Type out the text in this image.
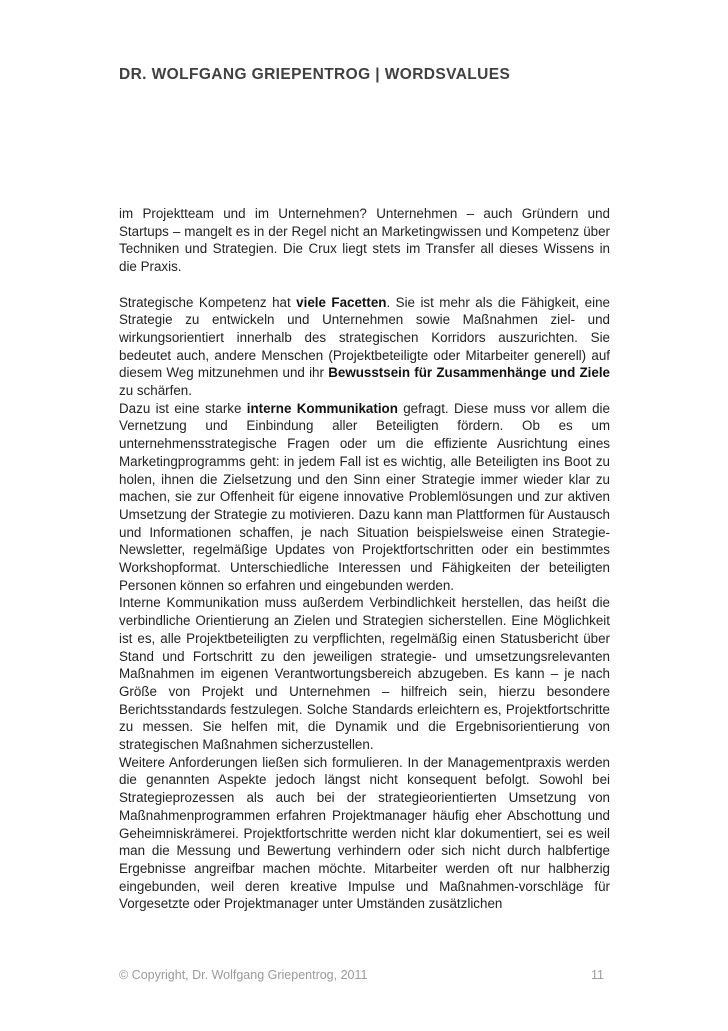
DR. WOLFGANG GRIEPENTROG | WORDSVALUES

im Projektteam und im Unternehmen? Unternehmen – auch Gründern und Startups – mangelt es in der Regel nicht an Marketingwissen und Kompetenz über Techniken und Strategien. Die Crux liegt stets im Transfer all dieses Wissens in die Praxis.

Strategische Kompetenz hat viele Facetten. Sie ist mehr als die Fähigkeit, eine Strategie zu entwickeln und Unternehmen sowie Maßnahmen ziel- und wirkungsorientiert innerhalb des strategischen Korridors auszurichten. Sie bedeutet auch, andere Menschen (Projektbeteiligte oder Mitarbeiter generell) auf diesem Weg mitzunehmen und ihr Bewusstsein für Zusammenhänge und Ziele zu schärfen.

Dazu ist eine starke interne Kommunikation gefragt. Diese muss vor allem die Vernetzung und Einbindung aller Beteiligten fördern. Ob es um unternehmensstrategische Fragen oder um die effiziente Ausrichtung eines Marketingprogramms geht: in jedem Fall ist es wichtig, alle Beteiligten ins Boot zu holen, ihnen die Zielsetzung und den Sinn einer Strategie immer wieder klar zu machen, sie zur Offenheit für eigene innovative Problemlösungen und zur aktiven Umsetzung der Strategie zu motivieren. Dazu kann man Plattformen für Austausch und Informationen schaffen, je nach Situation beispielsweise einen Strategie-Newsletter, regelmäßige Updates von Projektfortschritten oder ein bestimmtes Workshopformat. Unterschiedliche Interessen und Fähigkeiten der beteiligten Personen können so erfahren und eingebunden werden.

Interne Kommunikation muss außerdem Verbindlichkeit herstellen, das heißt die verbindliche Orientierung an Zielen und Strategien sicherstellen. Eine Möglichkeit ist es, alle Projektbeteiligten zu verpflichten, regelmäßig einen Statusbericht über Stand und Fortschritt zu den jeweiligen strategie- und umsetzungsrelevanten Maßnahmen im eigenen Verantwortungsbereich abzugeben. Es kann – je nach Größe von Projekt und Unternehmen – hilfreich sein, hierzu besondere Berichtsstandards festzulegen. Solche Standards erleichtern es, Projektfortschritte zu messen. Sie helfen mit, die Dynamik und die Ergebnisorientierung von strategischen Maßnahmen sicherzustellen.

Weitere Anforderungen ließen sich formulieren. In der Managementpraxis werden die genannten Aspekte jedoch längst nicht konsequent befolgt. Sowohl bei Strategieprozessen als auch bei der strategieorientierten Umsetzung von Maßnahmenprogrammen erfahren Projektmanager häufig eher Abschottung und Geheimniskrämerei. Projektfortschritte werden nicht klar dokumentiert, sei es weil man die Messung und Bewertung verhindern oder sich nicht durch halbfertige Ergebnisse angreifbar machen möchte. Mitarbeiter werden oft nur halbherzig eingebunden, weil deren kreative Impulse und Maßnahmen-vorschläge für Vorgesetzte oder Projektmanager unter Umständen zusätzlichen

© Copyright, Dr. Wolfgang Griepentrog, 2011	11
